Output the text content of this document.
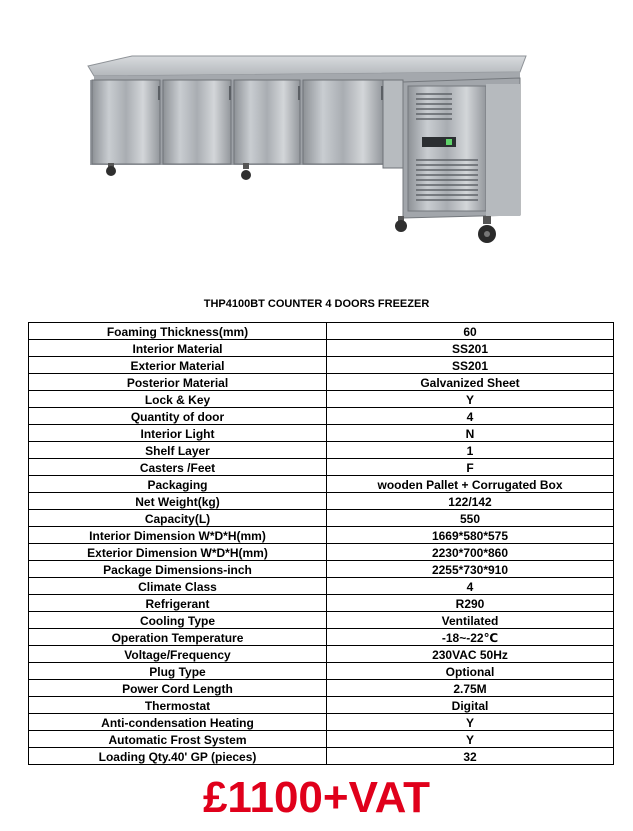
THP4100BT COUNTER 4 DOORS FREEZER
Foaming Thickness(mm)	60
Interior Material	SS201
Exterior Material	SS201
Posterior Material	Galvanized Sheet
Lock & Key	Y
Quantity of door	4
Interior Light	N
Shelf Layer	1
Casters /Feet	F
Packaging	wooden Pallet + Corrugated Box
Net Weight(kg)	122/142
Capacity(L)	550
Interior Dimension W*D*H(mm)	1669*580*575
Exterior Dimension W*D*H(mm)	2230*700*860
Package Dimensions-inch	2255*730*910
Climate Class	4
Refrigerant	R290
Cooling Type	Ventilated
Operation Temperature	-18~-22℃
Voltage/Frequency	230VAC 50Hz
Plug Type	Optional
Power Cord Length	2.75M
Thermostat	Digital
Anti-condensation Heating	Y
Automatic Frost System	Y
Loading Qty.40' GP (pieces)	32
£1100+VAT
